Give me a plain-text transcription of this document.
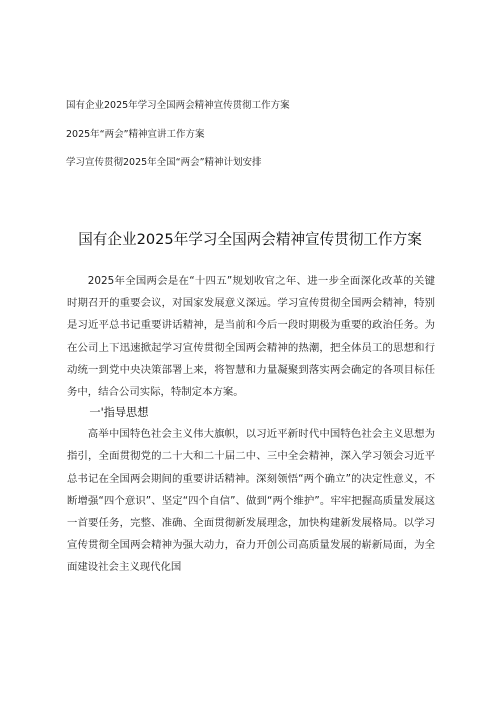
国有企业2025年学习全国两会精神宣传贯彻工作方案
2025年“两会”精神宣讲工作方案
学习宣传贯彻2025年全国“两会”精神计划安排
国有企业2025年学习全国两会精神宣传贯彻工作方案

2025年全国两会是在“十四五”规划收官之年、进一步全面深化改革的关键时期召开的重要会议，对国家发展意义深远。学习宣传贯彻全国两会精神，特别是习近平总书记重要讲话精神，是当前和今后一段时期极为重要的政治任务。为在公司上下迅速掀起学习宣传贯彻全国两会精神的热潮，把全体员工的思想和行动统一到党中央决策部署上来，将智慧和力量凝聚到落实两会确定的各项目标任务中，结合公司实际，特制定本方案。

一'指导思想

高举中国特色社会主义伟大旗帜，以习近平新时代中国特色社会主义思想为指引，全面贯彻党的二十大和二十届二中、三中全会精神，深入学习领会习近平总书记在全国两会期间的重要讲话精神。深刻领悟“两个确立”的决定性意义，不断增强“四个意识”、坚定“四个自信”、做到“两个维护”。牢牢把握高质量发展这一首要任务，完整、准确、全面贯彻新发展理念，加快构建新发展格局。以学习宣传贯彻全国两会精神为强大动力，奋力开创公司高质量发展的崭新局面，为全面建设社会主义现代化国
